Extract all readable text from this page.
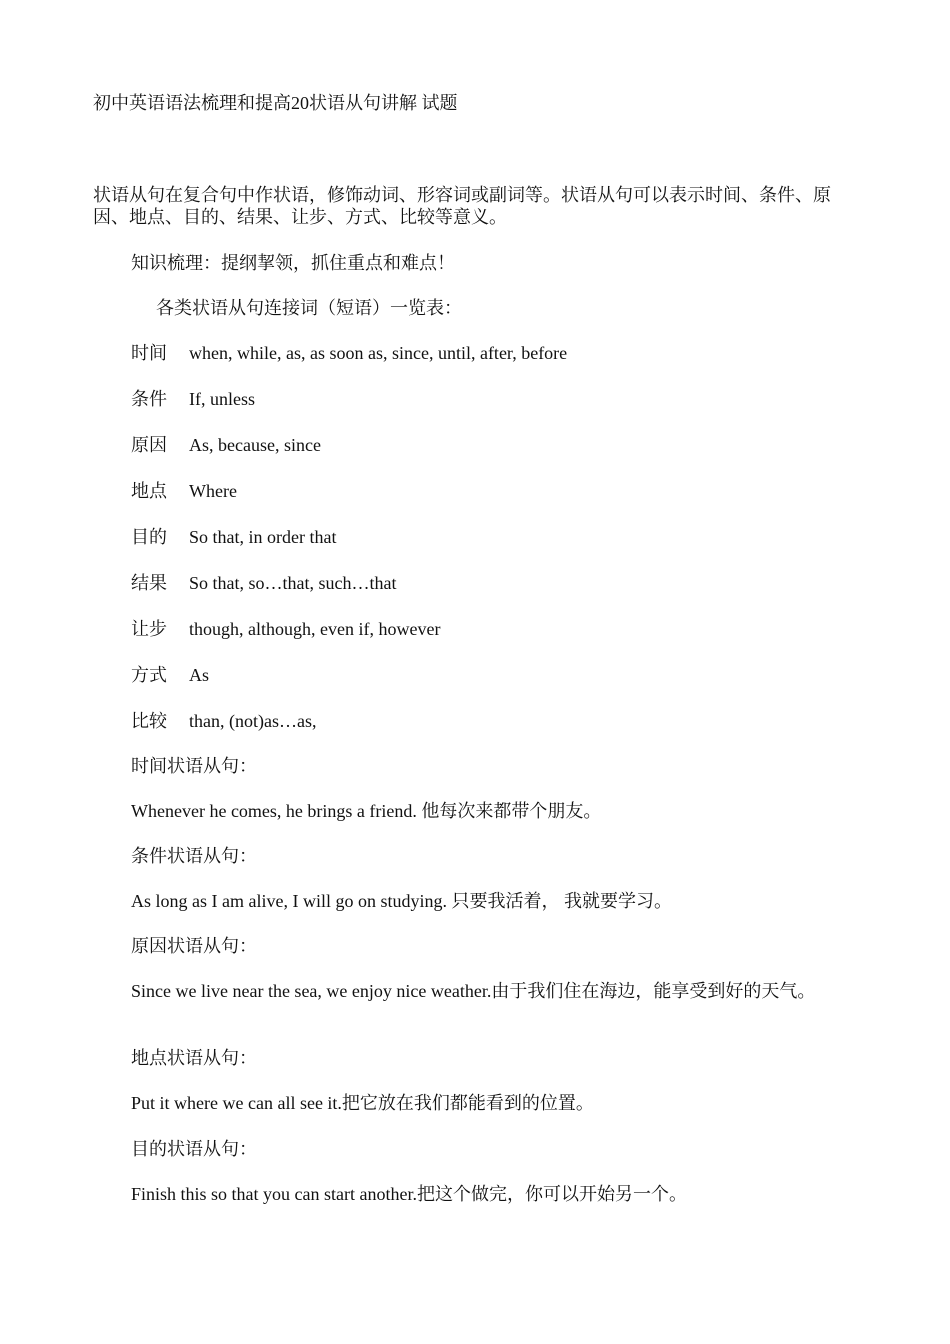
初中英语语法梳理和提高20状语从句讲解 试题
状语从句在复合句中作状语，修饰动词、形容词或副词等。状语从句可以表示时间、条件、原因、地点、目的、结果、让步、方式、比较等意义。
知识梳理：提纲挈领，抓住重点和难点！
各类状语从句连接词（短语）一览表：
时间 when, while, as, as soon as, since, until, after, before
条件 If, unless
原因 As, because, since
地点 Where
目的 So that, in order that
结果 So that, so…that, such…that
让步 though, although, even if, however
方式 As
比较 than, (not)as…as,
时间状语从句：
Whenever he comes, he brings a friend. 他每次来都带个朋友。
条件状语从句：
As long as I am alive, I will go on studying. 只要我活着， 我就要学习。
原因状语从句：
Since we live near the sea, we enjoy nice weather.由于我们住在海边，能享受到好的天气。
地点状语从句：
Put it where we can all see it.把它放在我们都能看到的位置。
目的状语从句：
Finish this so that you can start another.把这个做完，你可以开始另一个。
